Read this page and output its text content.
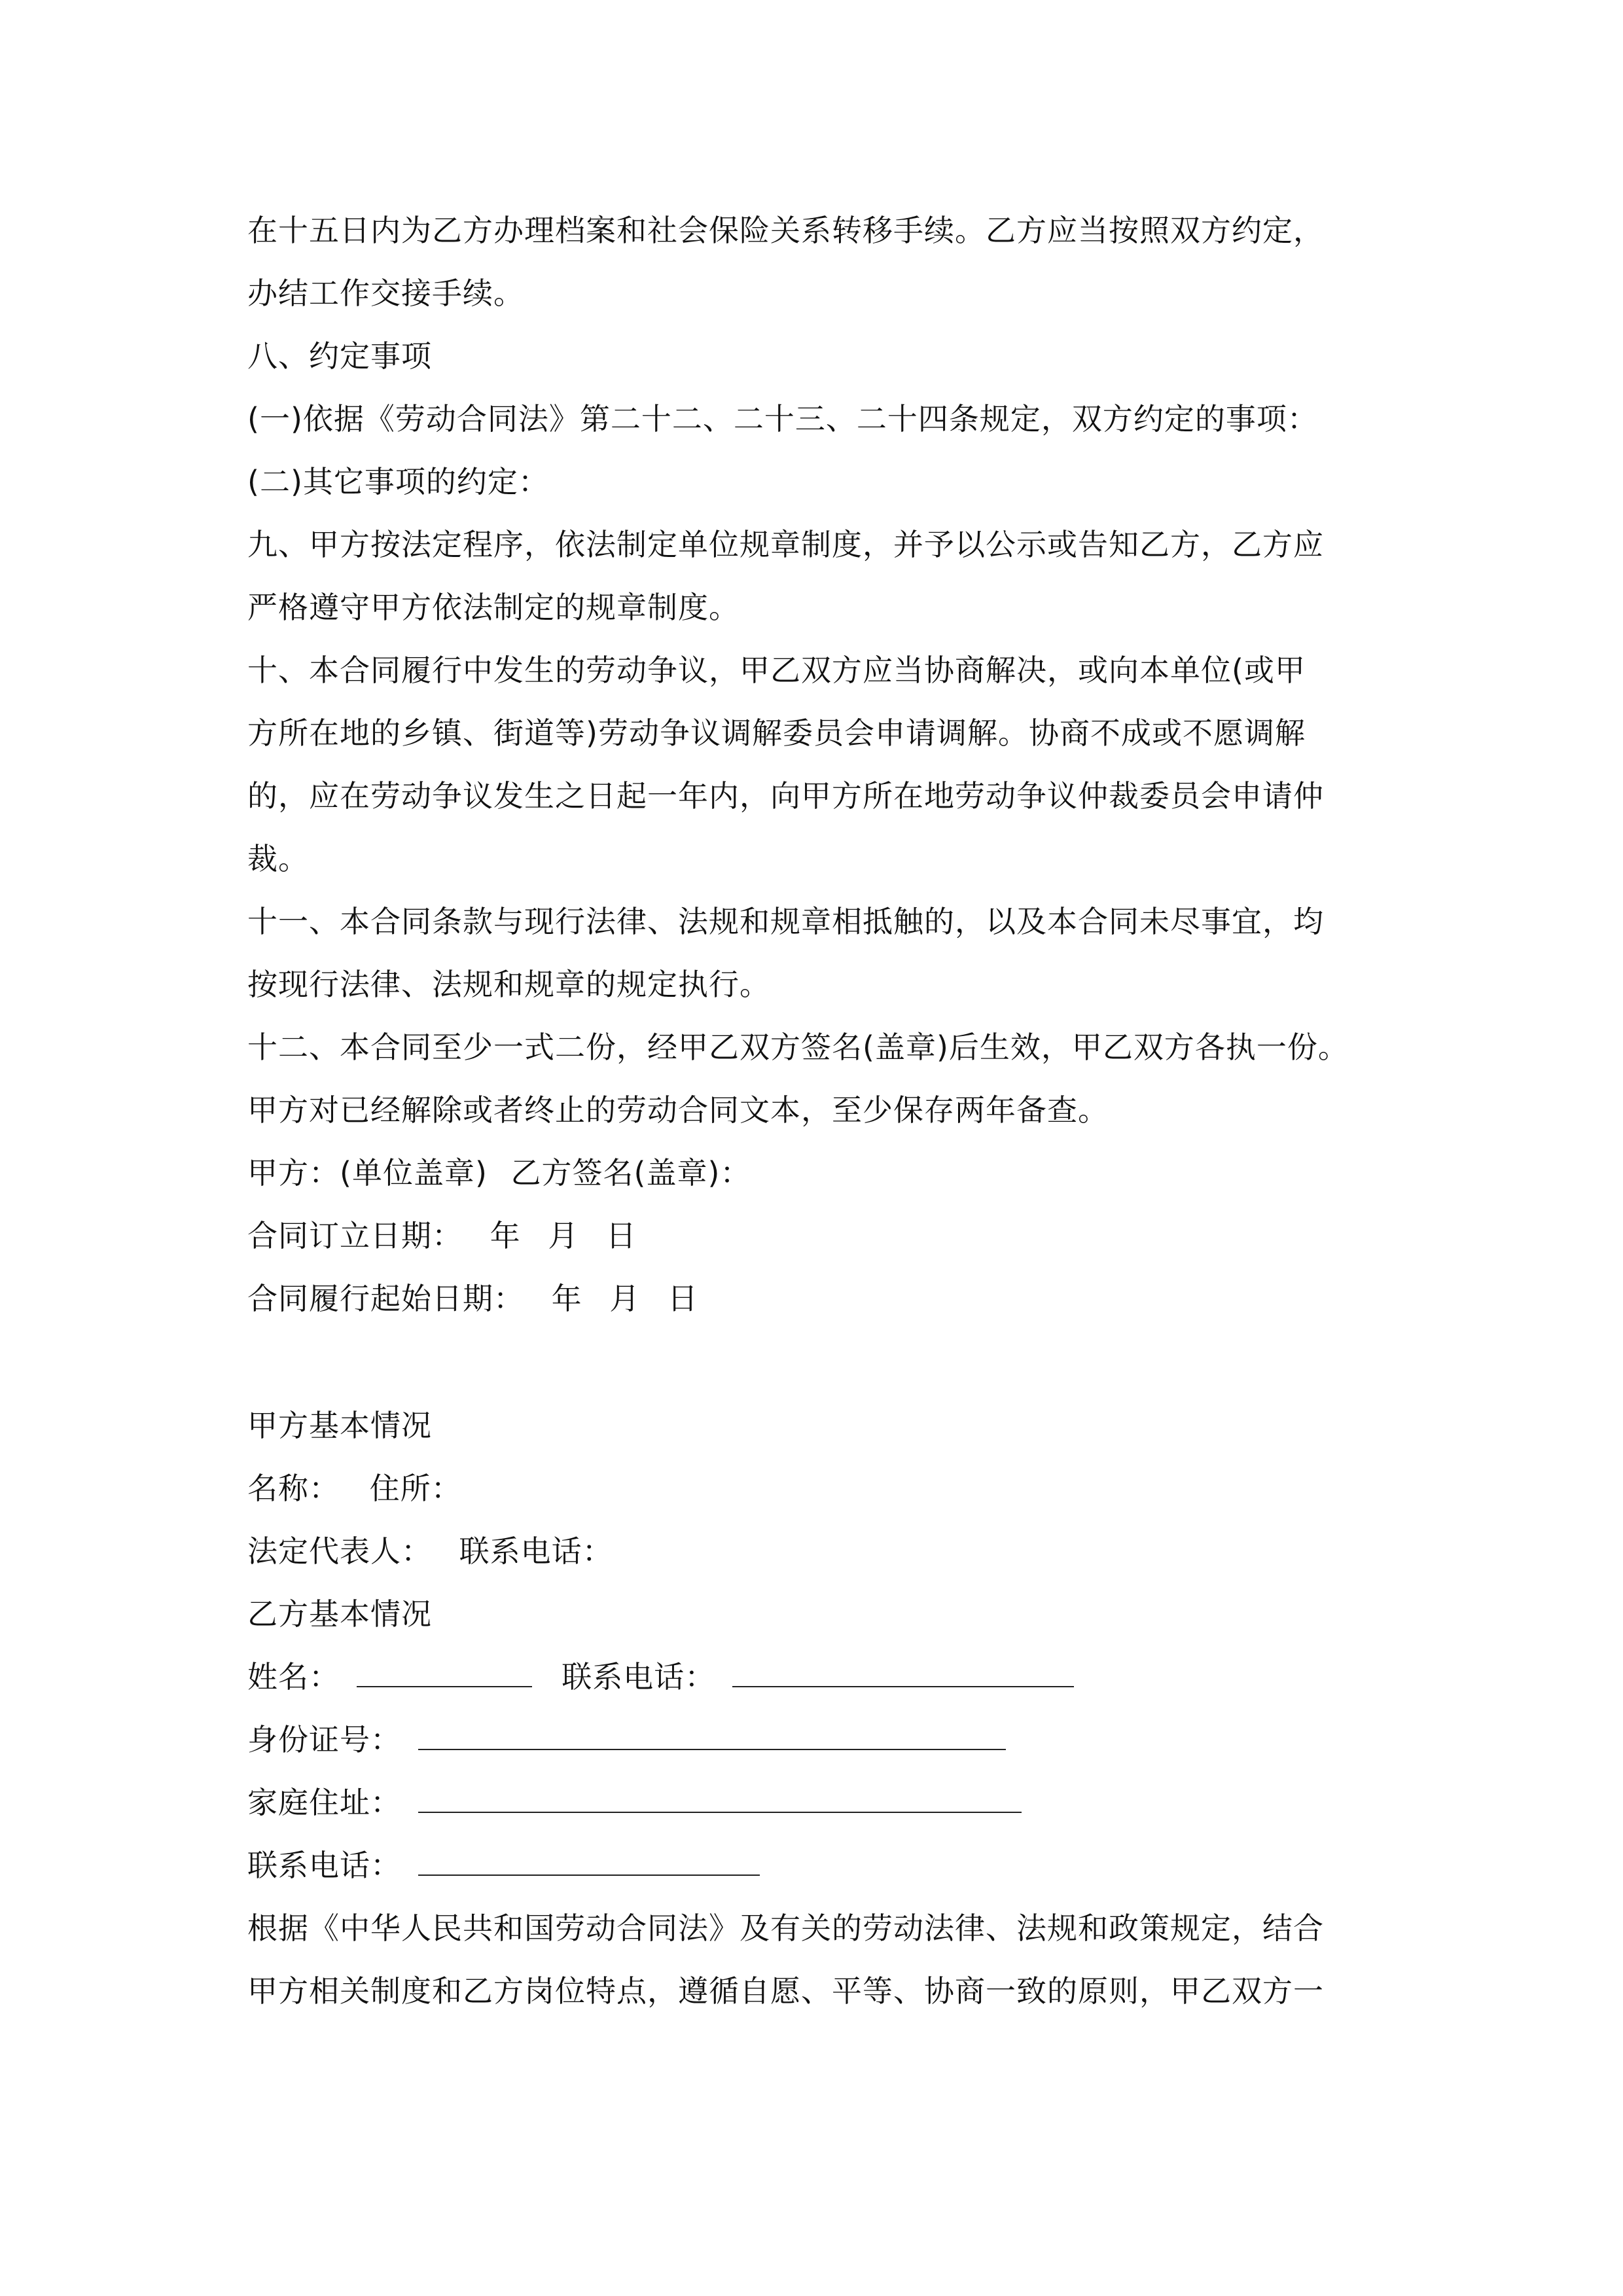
在十五日内为乙方办理档案和社会保险关系转移手续。乙方应当按照双方约定，
办结工作交接手续。
八、约定事项
(一)依据《劳动合同法》第二十二、二十三、二十四条规定，双方约定的事项：
(二)其它事项的约定：
九、甲方按法定程序，依法制定单位规章制度，并予以公示或告知乙方，乙方应
严格遵守甲方依法制定的规章制度。
十、本合同履行中发生的劳动争议，甲乙双方应当协商解决，或向本单位(或甲
方所在地的乡镇、街道等)劳动争议调解委员会申请调解。协商不成或不愿调解
的，应在劳动争议发生之日起一年内，向甲方所在地劳动争议仲裁委员会申请仲
裁。
十一、本合同条款与现行法律、法规和规章相抵触的，以及本合同未尽事宜，均
按现行法律、法规和规章的规定执行。
十二、本合同至少一式二份，经甲乙双方签名(盖章)后生效，甲乙双方各执一份。
甲方对已经解除或者终止的劳动合同文本，至少保存两年备查。
甲方：(单位盖章) 乙方签名(盖章)：
合同订立日期： 年 月 日
合同履行起始日期： 年 月 日
甲方基本情况
名称： 住所：
法定代表人： 联系电话：
乙方基本情况
姓名：	联系电话：
身份证号：
家庭住址：
联系电话：
根据《中华人民共和国劳动合同法》及有关的劳动法律、法规和政策规定，结合
甲方相关制度和乙方岗位特点，遵循自愿、平等、协商一致的原则，甲乙双方一
